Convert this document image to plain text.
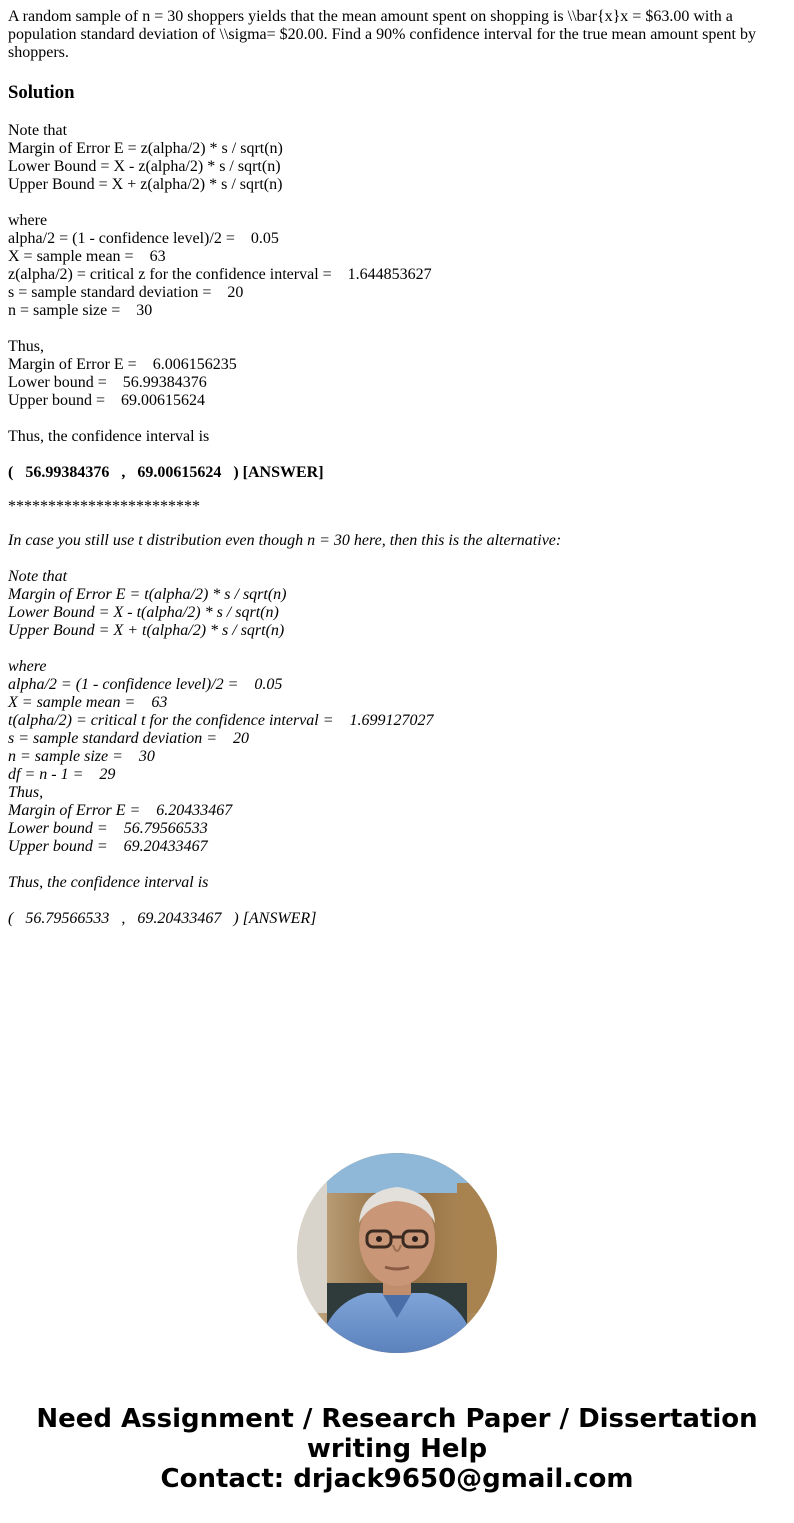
A random sample of n = 30 shoppers yields that the mean amount spent on shopping is \\bar{x}x = $63.00 with a population standard deviation of \\sigma= $20.00. Find a 90% confidence interval for the true mean amount spent by shoppers.
Solution
Note that
Margin of Error E = z(alpha/2) * s / sqrt(n)
Lower Bound = X - z(alpha/2) * s / sqrt(n)
Upper Bound = X + z(alpha/2) * s / sqrt(n)
where
alpha/2 = (1 - confidence level)/2 =    0.05
X = sample mean =    63
z(alpha/2) = critical z for the confidence interval =    1.644853627
s = sample standard deviation =    20
n = sample size =    30
Thus,
Margin of Error E =    6.006156235
Lower bound =    56.99384376
Upper bound =    69.00615624
Thus, the confidence interval is
(   56.99384376   ,   69.00615624   ) [ANSWER]
************************
In case you still use t distribution even though n = 30 here, then this is the alternative:
Note that
Margin of Error E = t(alpha/2) * s / sqrt(n)
Lower Bound = X - t(alpha/2) * s / sqrt(n)
Upper Bound = X + t(alpha/2) * s / sqrt(n)
where
alpha/2 = (1 - confidence level)/2 =    0.05
X = sample mean =    63
t(alpha/2) = critical t for the confidence interval =    1.699127027
s = sample standard deviation =    20
n = sample size =    30
df = n - 1 =    29
Thus,
Margin of Error E =    6.20433467
Lower bound =    56.79566533
Upper bound =    69.20433467
Thus, the confidence interval is
(   56.79566533   ,   69.20433467   ) [ANSWER]
Need Assignment / Research Paper / Dissertation
writing Help
Contact: drjack9650@gmail.com
